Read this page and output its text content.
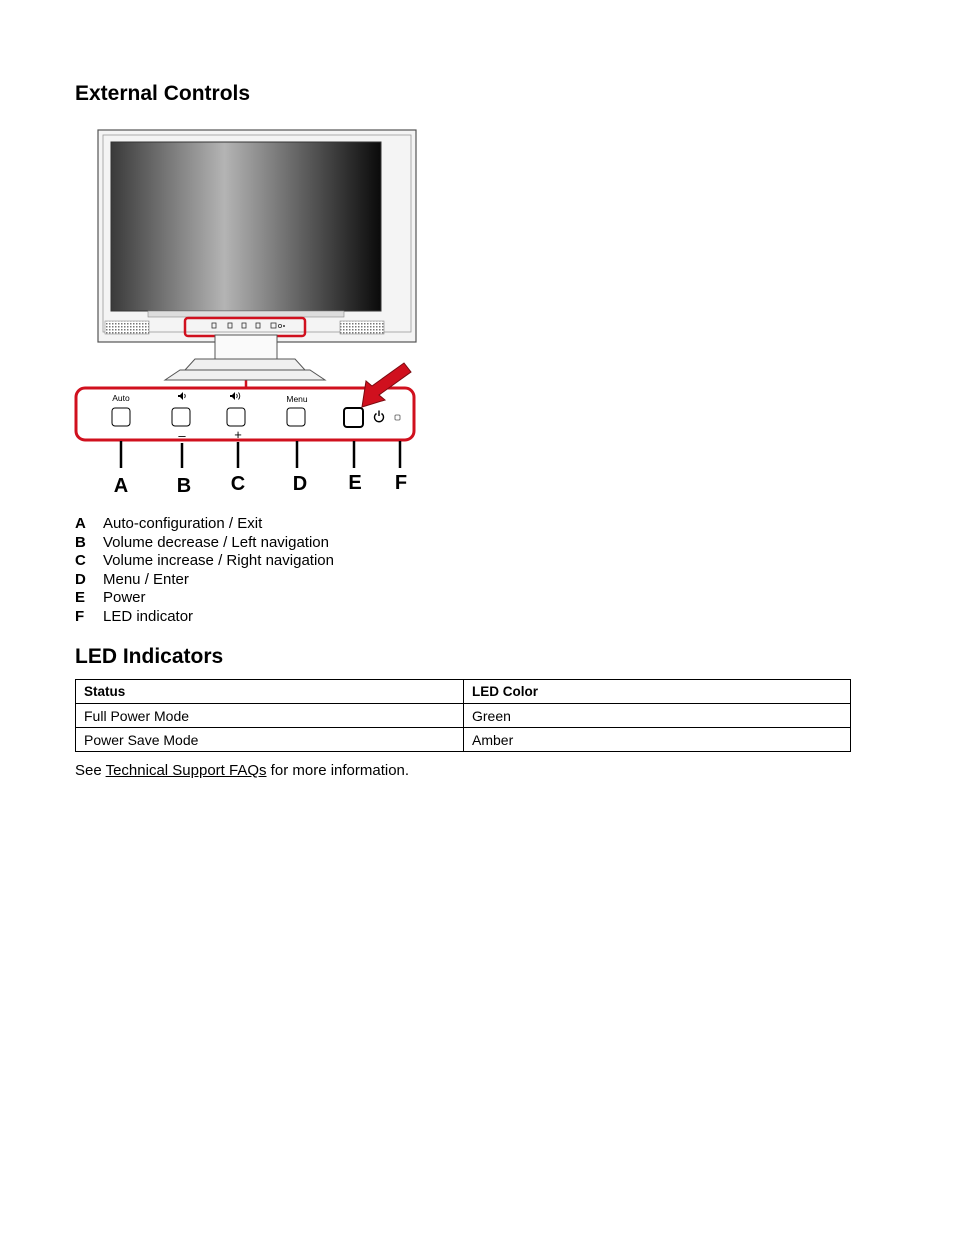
External Controls
Auto
–	+
Menu
A B C D E F
A	Auto-configuration / Exit
B	Volume decrease / Left navigation
C	Volume increase / Right navigation
D	Menu / Enter
E	Power
F	LED indicator
LED Indicators
Status	LED Color
Full Power Mode	Green
Power Save Mode	Amber
See Technical Support FAQs for more information.
